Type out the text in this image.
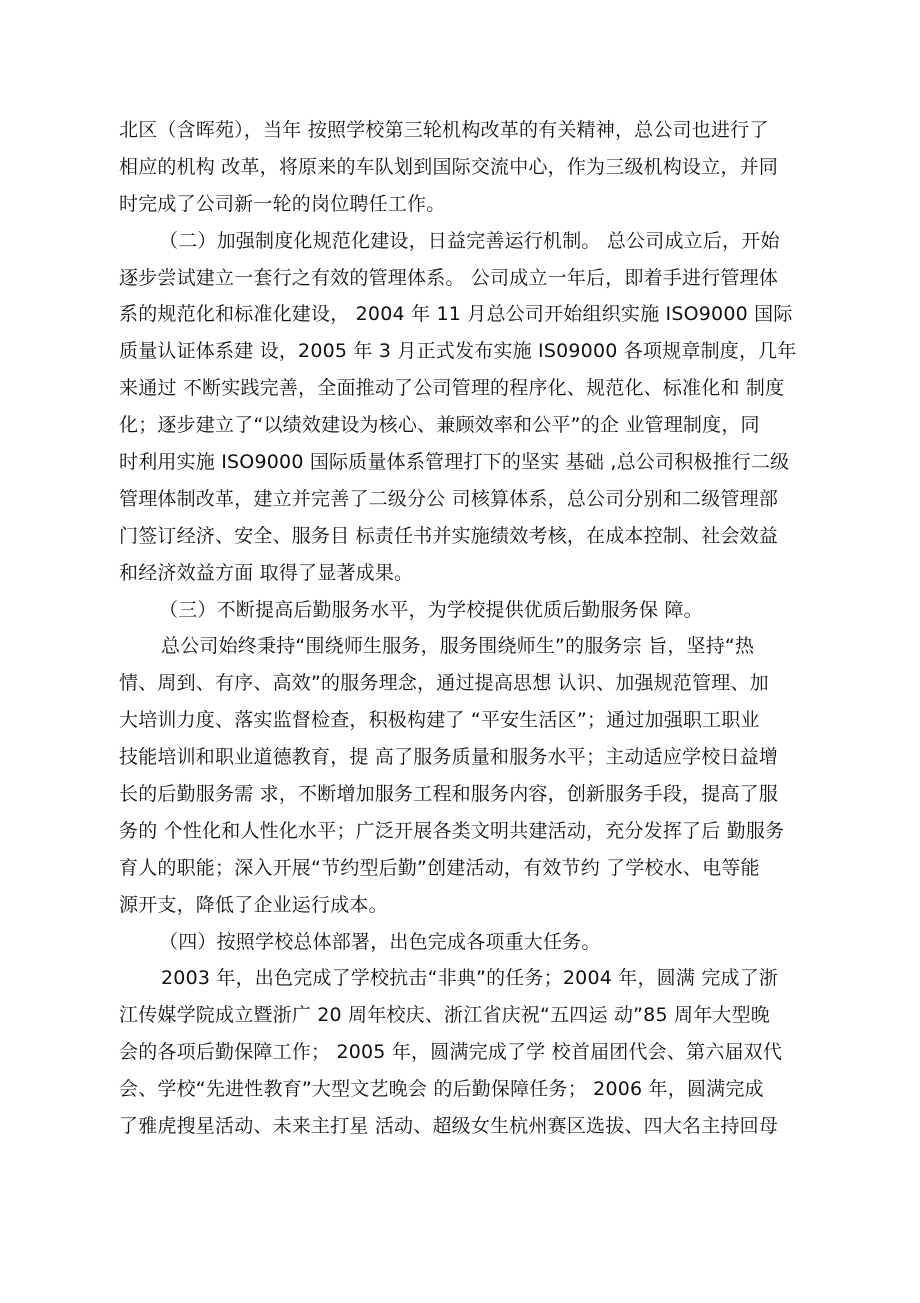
北区（含晖苑），当年 按照学校第三轮机构改革的有关精神，总公司也进行了
相应的机构 改革，将原来的车队划到国际交流中心，作为三级机构设立，并同
时完成了公司新一轮的岗位聘任工作。
（二）加强制度化规范化建设，日益完善运行机制。 总公司成立后，开始
逐步尝试建立一套行之有效的管理体系。 公司成立一年后，即着手进行管理体
系的规范化和标准化建设， 2004 年 11 月总公司开始组织实施 ISO9000 国际
质量认证体系建 设，2005 年 3 月正式发布实施 IS09000 各项规章制度，几年
来通过 不断实践完善，全面推动了公司管理的程序化、规范化、标准化和 制度
化；逐步建立了“以绩效建设为核心、兼顾效率和公平”的企 业管理制度，同
时利用实施 ISO9000 国际质量体系管理打下的坚实 基础 ,总公司积极推行二级
管理体制改革，建立并完善了二级分公 司核算体系，总公司分别和二级管理部
门签订经济、安全、服务目 标责任书并实施绩效考核，在成本控制、社会效益
和经济效益方面 取得了显著成果。
（三）不断提高后勤服务水平，为学校提供优质后勤服务保 障。
总公司始终秉持“围绕师生服务，服务围绕师生”的服务宗 旨，坚持“热
情、周到、有序、高效”的服务理念，通过提高思想 认识、加强规范管理、加
大培训力度、落实监督检查，积极构建了 “平安生活区”；通过加强职工职业
技能培训和职业道德教育，提 高了服务质量和服务水平；主动适应学校日益增
长的后勤服务需 求，不断增加服务工程和服务内容，创新服务手段，提高了服
务的 个性化和人性化水平；广泛开展各类文明共建活动，充分发挥了后 勤服务
育人的职能；深入开展“节约型后勤”创建活动，有效节约 了学校水、电等能
源开支，降低了企业运行成本。
（四）按照学校总体部署，出色完成各项重大任务。
2003 年，出色完成了学校抗击“非典”的任务；2004 年，圆满 完成了浙
江传媒学院成立暨浙广 20 周年校庆、浙江省庆祝“五四运 动”85 周年大型晚
会的各项后勤保障工作； 2005 年，圆满完成了学 校首届团代会、第六届双代
会、学校“先进性教育”大型文艺晚会 的后勤保障任务； 2006 年，圆满完成
了雅虎搜星活动、未来主打星 活动、超级女生杭州赛区选拔、四大名主持回母
